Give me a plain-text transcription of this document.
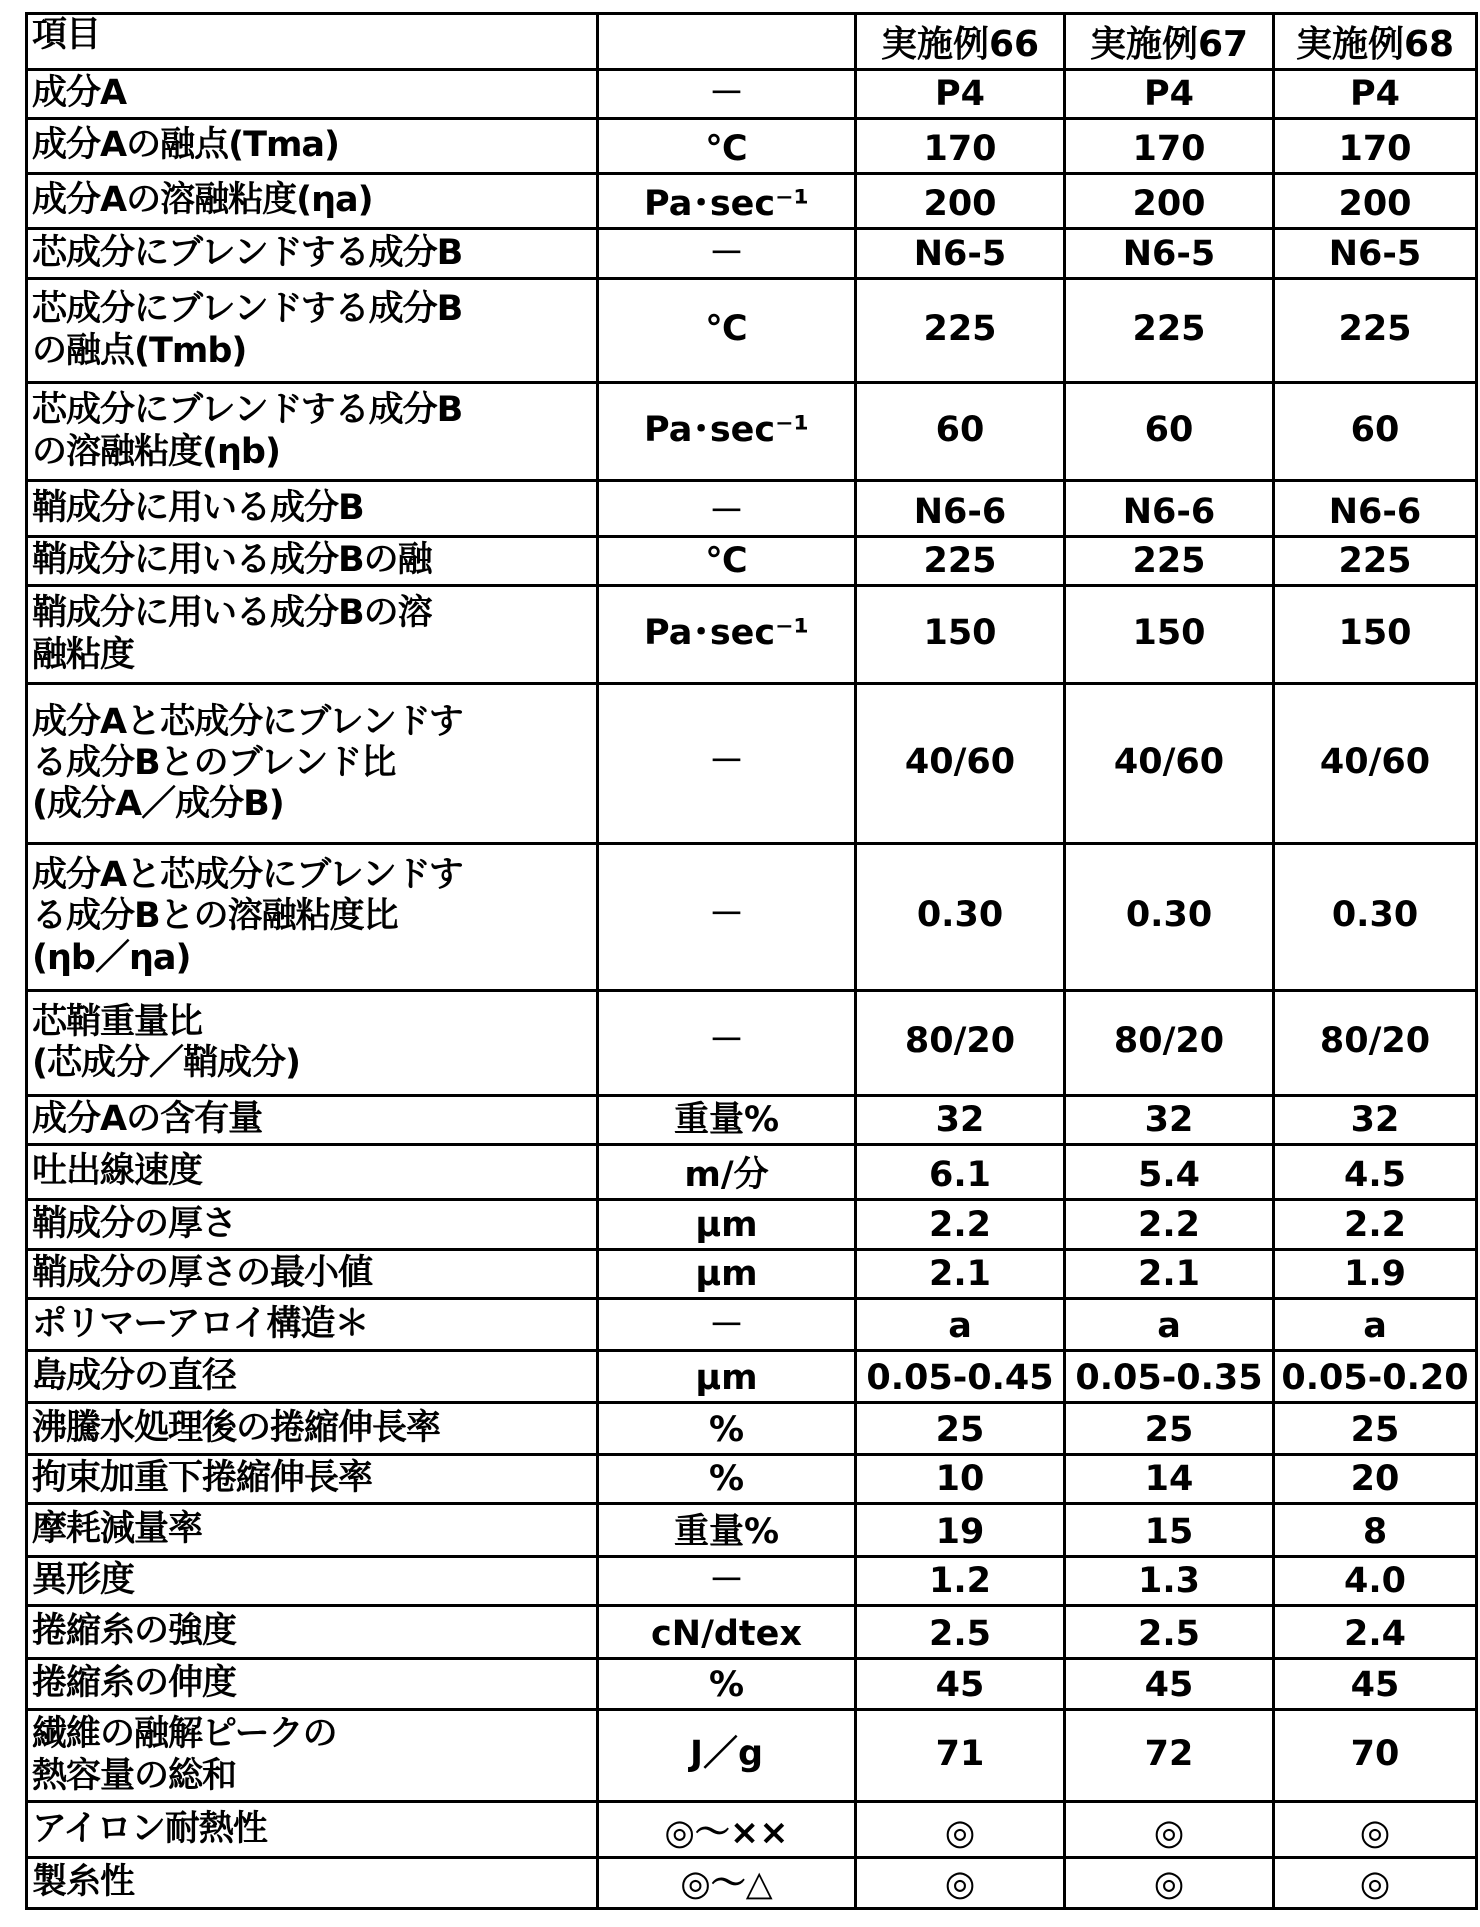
項目		実施例66	実施例67	実施例68
成分A	－	P4	P4	P4
成分Aの融点(Tma)	℃	170	170	170
成分Aの溶融粘度(ηa)	Pa･sec⁻¹	200	200	200
芯成分にブレンドする成分B	－	N6-5	N6-5	N6-5
芯成分にブレンドする成分B
の融点(Tmb)	℃	225	225	225
芯成分にブレンドする成分B
の溶融粘度(ηb)	Pa･sec⁻¹	60	60	60
鞘成分に用いる成分B	－	N6-6	N6-6	N6-6
鞘成分に用いる成分Bの融	℃	225	225	225
鞘成分に用いる成分Bの溶
融粘度	Pa･sec⁻¹	150	150	150
成分Aと芯成分にブレンドす
る成分Bとのブレンド比
(成分A／成分B)	－	40/60	40/60	40/60
成分Aと芯成分にブレンドす
る成分Bとの溶融粘度比
(ηb／ηa)	－	0.30	0.30	0.30
芯鞘重量比
(芯成分／鞘成分)	－	80/20	80/20	80/20
成分Aの含有量	重量%	32	32	32
吐出線速度	m/分	6.1	5.4	4.5
鞘成分の厚さ	μm	2.2	2.2	2.2
鞘成分の厚さの最小値	μm	2.1	2.1	1.9
ポリマーアロイ構造＊	－	a	a	a
島成分の直径	μm	0.05-0.45	0.05-0.35	0.05-0.20
沸騰水処理後の捲縮伸長率	%	25	25	25
拘束加重下捲縮伸長率	%	10	14	20
摩耗減量率	重量%	19	15	8
異形度	－	1.2	1.3	4.0
捲縮糸の強度	cN/dtex	2.5	2.5	2.4
捲縮糸の伸度	%	45	45	45
繊維の融解ピークの
熱容量の総和	J／g	71	72	70
アイロン耐熱性	◎～××	◎	◎	◎
製糸性	◎～△	◎	◎	◎
